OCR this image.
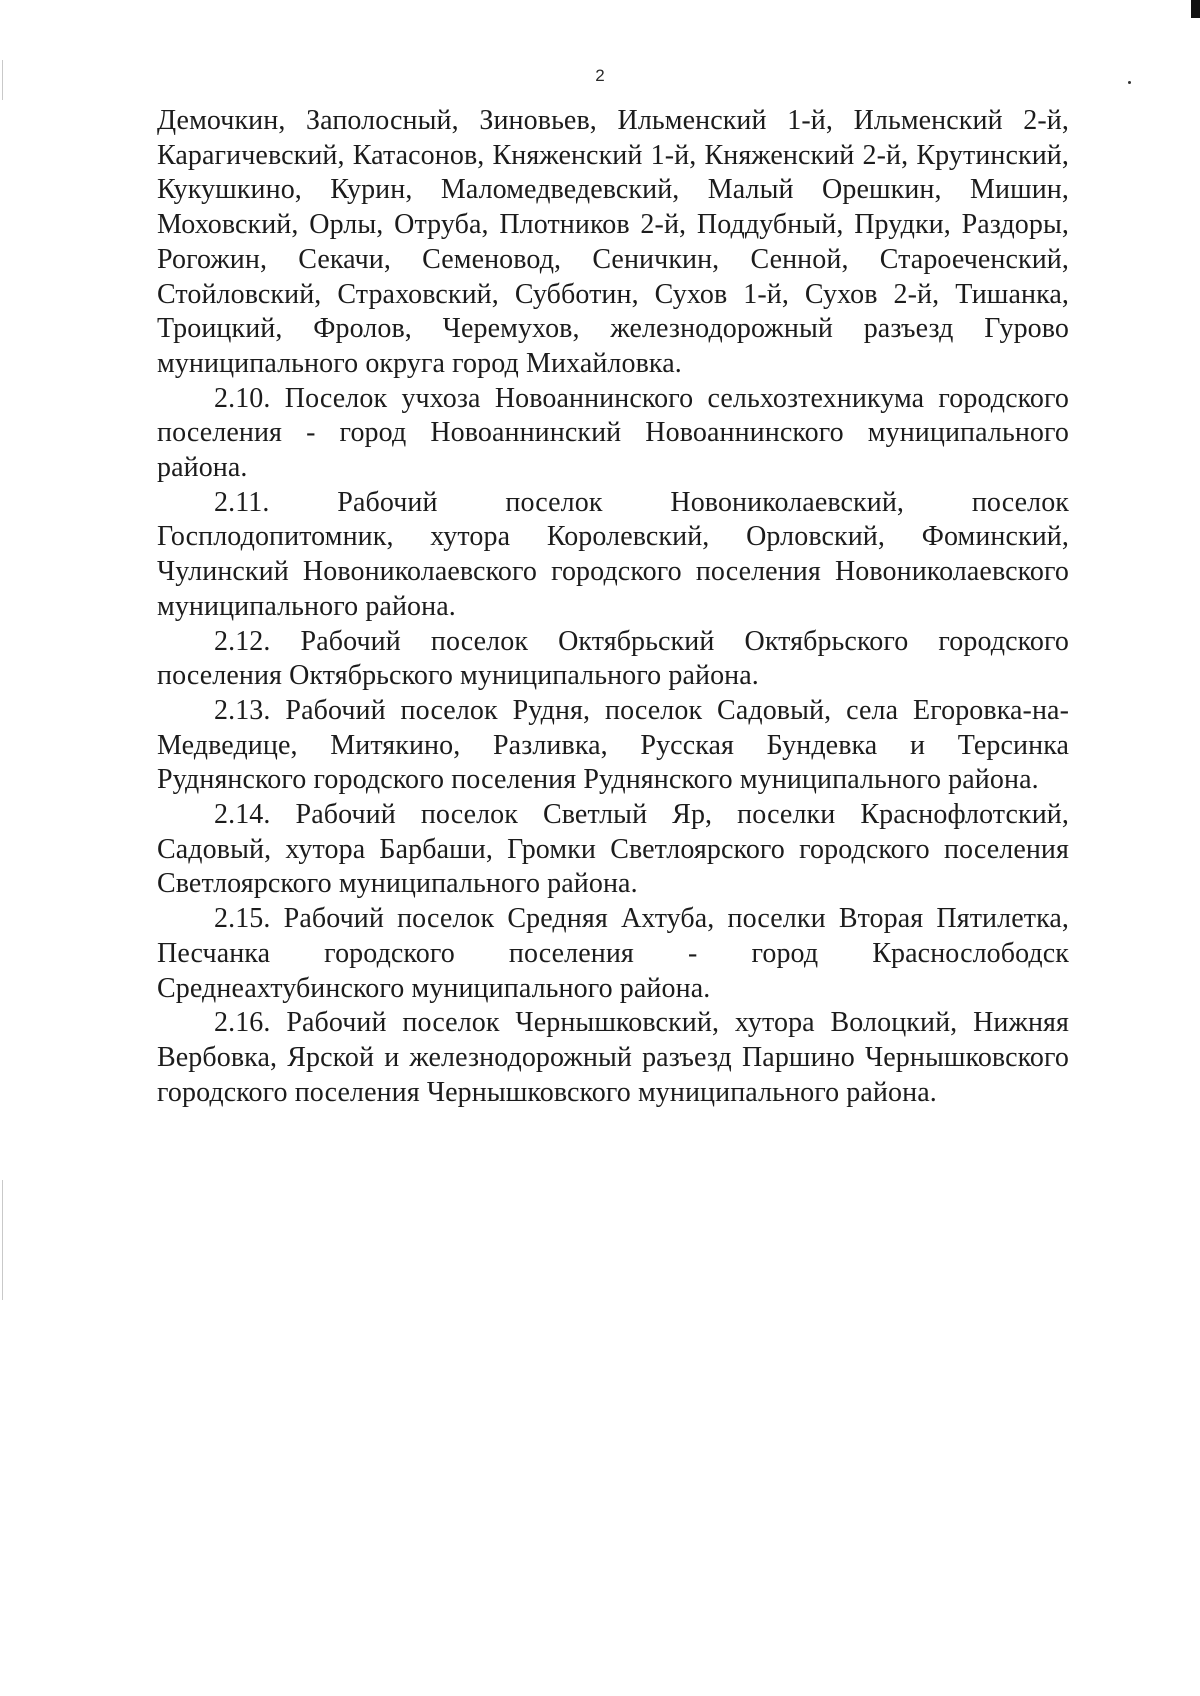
2

Демочкин, Заполосный, Зиновьев, Ильменский 1-й, Ильменский 2-й, Карагичевский, Катасонов, Княженский 1-й, Княженский 2-й, Крутинский, Кукушкино, Курин, Маломедведевский, Малый Орешкин, Мишин, Моховский, Орлы, Отруба, Плотников 2-й, Поддубный, Прудки, Раздоры, Рогожин, Секачи, Семеновод, Сеничкин, Сенной, Староеченский, Стойловский, Страховский, Субботин, Сухов 1-й, Сухов 2-й, Тишанка, Троицкий, Фролов, Черемухов, железнодорожный разъезд Гурово муниципального округа город Михайловка.

2.10. Поселок учхоза Новоаннинского сельхозтехникума городского поселения - город Новоаннинский Новоаннинского муниципального района.

2.11. Рабочий поселок Новониколаевский, поселок Госплодопитомник, хутора Королевский, Орловский, Фоминский, Чулинский Новониколаевского городского поселения Новониколаевского муниципального района.

2.12. Рабочий поселок Октябрьский Октябрьского городского поселения Октябрьского муниципального района.

2.13. Рабочий поселок Рудня, поселок Садовый, села Егоровка-на-Медведице, Митякино, Разливка, Русская Бундевка и Терсинка Руднянского городского поселения Руднянского муниципального района.

2.14. Рабочий поселок Светлый Яр, поселки Краснофлотский, Садовый, хутора Барбаши, Громки Светлоярского городского поселения Светлоярского муниципального района.

2.15. Рабочий поселок Средняя Ахтуба, поселки Вторая Пятилетка, Песчанка городского поселения - город Краснослободск Среднеахтубинского муниципального района.

2.16. Рабочий поселок Чернышковский, хутора Волоцкий, Нижняя Вербовка, Ярской и железнодорожный разъезд Паршино Чернышковского городского поселения Чернышковского муниципального района.
